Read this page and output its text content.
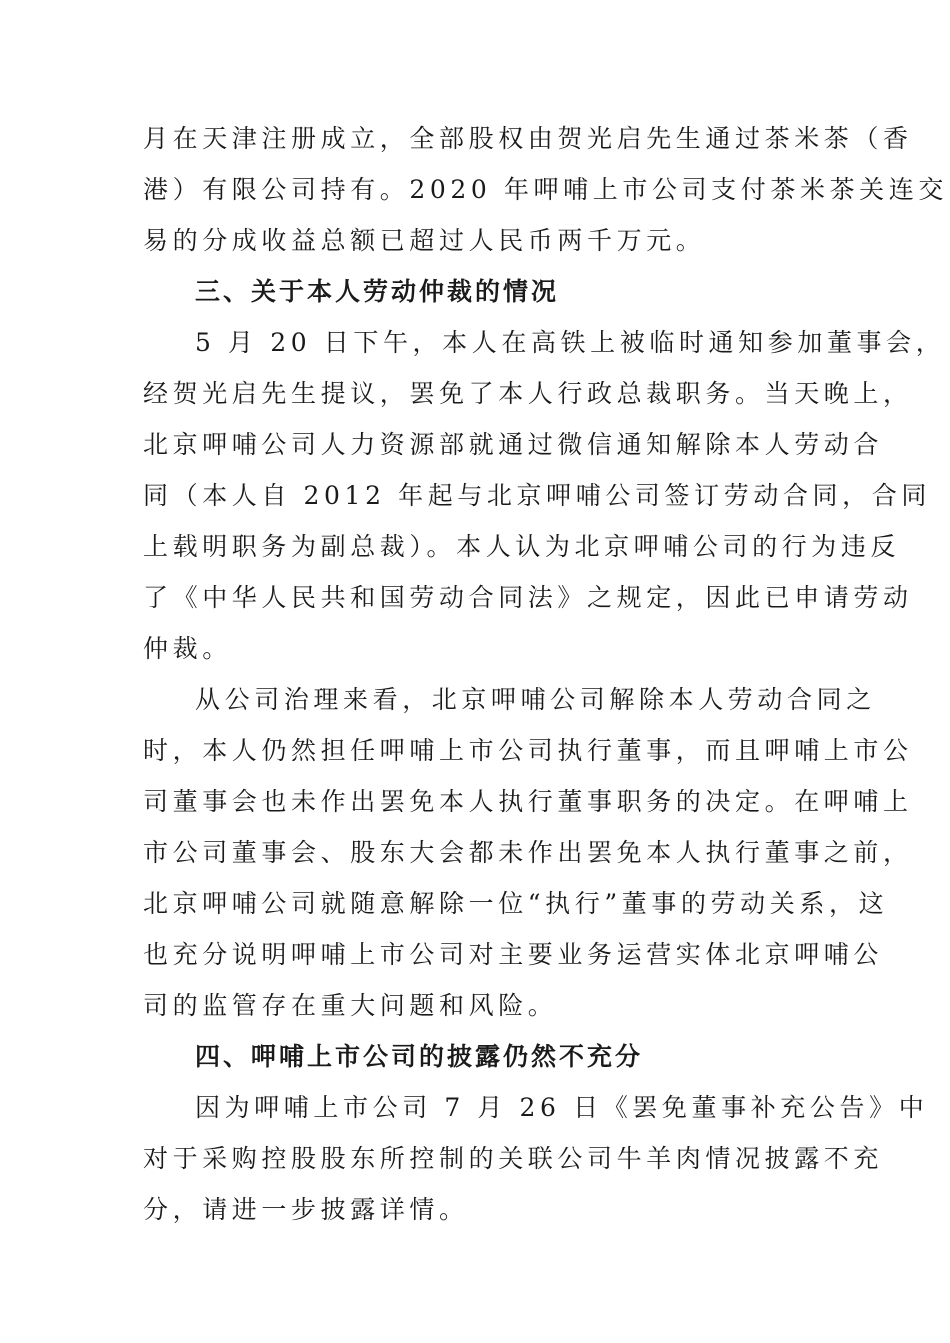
月在天津注册成立，全部股权由贺光启先生通过茶米茶（香
港）有限公司持有。2020 年呷哺上市公司支付茶米茶关连交
易的分成收益总额已超过人民币两千万元。
三、关于本人劳动仲裁的情况
5 月 20 日下午，本人在高铁上被临时通知参加董事会，
经贺光启先生提议，罢免了本人行政总裁职务。当天晚上，
北京呷哺公司人力资源部就通过微信通知解除本人劳动合
同（本人自 2012 年起与北京呷哺公司签订劳动合同，合同
上载明职务为副总裁）。本人认为北京呷哺公司的行为违反
了《中华人民共和国劳动合同法》之规定，因此已申请劳动
仲裁。
从公司治理来看，北京呷哺公司解除本人劳动合同之
时，本人仍然担任呷哺上市公司执行董事，而且呷哺上市公
司董事会也未作出罢免本人执行董事职务的决定。在呷哺上
市公司董事会、股东大会都未作出罢免本人执行董事之前，
北京呷哺公司就随意解除一位“执行”董事的劳动关系，这
也充分说明呷哺上市公司对主要业务运营实体北京呷哺公
司的监管存在重大问题和风险。
四、呷哺上市公司的披露仍然不充分
因为呷哺上市公司 7 月 26 日《罢免董事补充公告》中
对于采购控股股东所控制的关联公司牛羊肉情况披露不充
分，请进一步披露详情。
